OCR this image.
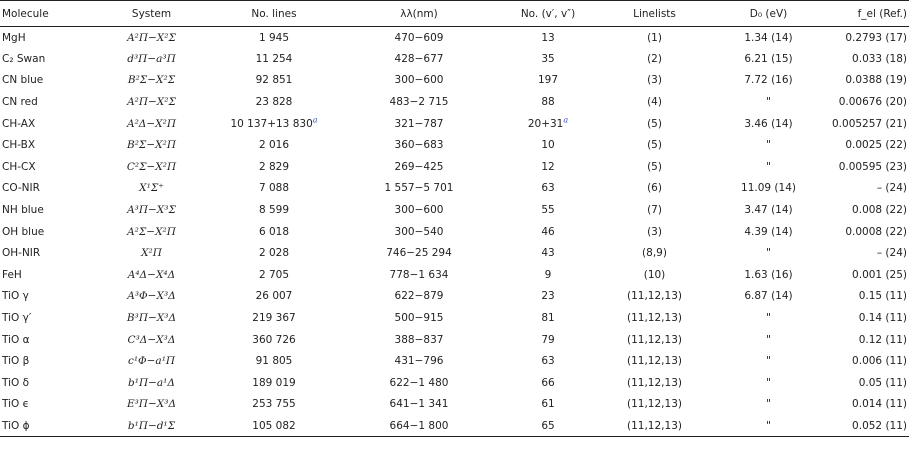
Molecule	System	No. lines	λλ(nm)	No. (v′, v″)	Linelists	D₀ (eV)	f_el (Ref.)
MgH	A²Π−X²Σ	1 945	470−609	13	(1)	1.34 (14)	0.2793 (17)
C₂ Swan	d³Π−a³Π	11 254	428−677	35	(2)	6.21 (15)	0.033 (18)
CN blue	B²Σ−X²Σ	92 851	300−600	197	(3)	7.72 (16)	0.0388 (19)
CN red	A²Π−X²Σ	23 828	483−2 715	88	(4)	"	0.00676 (20)
CH-AX	A²Δ−X²Π	10 137+13 830$^a$	321−787	20+31$^a$	(5)	3.46 (14)	0.005257 (21)
CH-BX	B²Σ−X²Π	2 016	360−683	10	(5)	"	0.0025 (22)
CH-CX	C²Σ−X²Π	2 829	269−425	12	(5)	"	0.00595 (23)
CO-NIR	X¹Σ⁺	7 088	1 557−5 701	63	(6)	11.09 (14)	– (24)
NH blue	A³Π−X³Σ	8 599	300−600	55	(7)	3.47 (14)	0.008 (22)
OH blue	A²Σ−X²Π	6 018	300−540	46	(3)	4.39 (14)	0.0008 (22)
OH-NIR	X²Π	2 028	746−25 294	43	(8,9)	"	– (24)
FeH	A⁴Δ−X⁴Δ	2 705	778−1 634	9	(10)	1.63 (16)	0.001 (25)
TiO γ	A³Φ−X³Δ	26 007	622−879	23	(11,12,13)	6.87 (14)	0.15 (11)
TiO γ′	B³Π−X³Δ	219 367	500−915	81	(11,12,13)	"	0.14 (11)
TiO α	C³Δ−X³Δ	360 726	388−837	79	(11,12,13)	"	0.12 (11)
TiO β	c¹Φ−a¹Π	91 805	431−796	63	(11,12,13)	"	0.006 (11)
TiO δ	b¹Π−a¹Δ	189 019	622−1 480	66	(11,12,13)	"	0.05 (11)
TiO ϵ	E³Π−X³Δ	253 755	641−1 341	61	(11,12,13)	"	0.014 (11)
TiO ϕ	b¹Π−d¹Σ	105 082	664−1 800	65	(11,12,13)	"	0.052 (11)
